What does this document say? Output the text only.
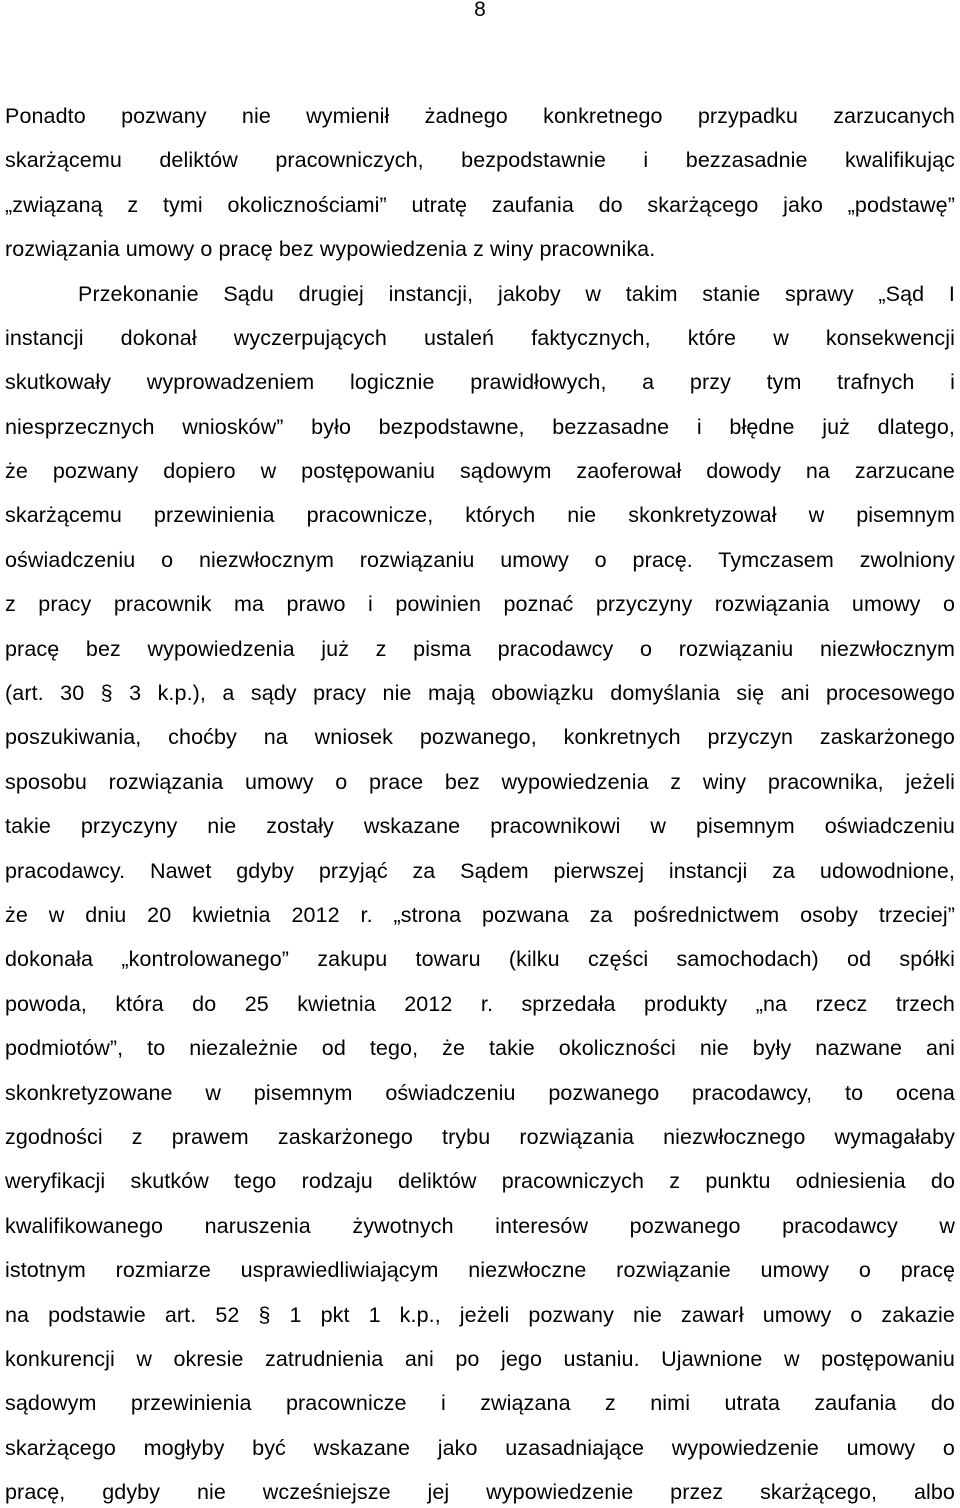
8
Ponadto pozwany nie wymienił żadnego konkretnego przypadku zarzucanych
skarżącemu deliktów pracowniczych, bezpodstawnie i bezzasadnie kwalifikując
„związaną z tymi okolicznościami” utratę zaufania do skarżącego jako „podstawę”
rozwiązania umowy o pracę bez wypowiedzenia z winy pracownika.
Przekonanie Sądu drugiej instancji, jakoby w takim stanie sprawy „Sąd I
instancji dokonał wyczerpujących ustaleń faktycznych, które w konsekwencji
skutkowały wyprowadzeniem logicznie prawidłowych, a przy tym trafnych i
niesprzecznych wniosków” było bezpodstawne, bezzasadne i błędne już dlatego,
że pozwany dopiero w postępowaniu sądowym zaoferował dowody na zarzucane
skarżącemu przewinienia pracownicze, których nie skonkretyzował w pisemnym
oświadczeniu o niezwłocznym rozwiązaniu umowy o pracę. Tymczasem zwolniony
z pracy pracownik ma prawo i powinien poznać przyczyny rozwiązania umowy o
pracę bez wypowiedzenia już z pisma pracodawcy o rozwiązaniu niezwłocznym
(art. 30 § 3 k.p.), a sądy pracy nie mają obowiązku domyślania się ani procesowego
poszukiwania, choćby na wniosek pozwanego, konkretnych przyczyn zaskarżonego
sposobu rozwiązania umowy o prace bez wypowiedzenia z winy pracownika, jeżeli
takie przyczyny nie zostały wskazane pracownikowi w pisemnym oświadczeniu
pracodawcy. Nawet gdyby przyjąć za Sądem pierwszej instancji za udowodnione,
że w dniu 20 kwietnia 2012 r. „strona pozwana za pośrednictwem osoby trzeciej”
dokonała „kontrolowanego” zakupu towaru (kilku części samochodach) od spółki
powoda, która do 25 kwietnia 2012 r. sprzedała produkty „na rzecz trzech
podmiotów”, to niezależnie od tego, że takie okoliczności nie były nazwane ani
skonkretyzowane w pisemnym oświadczeniu pozwanego pracodawcy, to ocena
zgodności z prawem zaskarżonego trybu rozwiązania niezwłocznego wymagałaby
weryfikacji skutków tego rodzaju deliktów pracowniczych z punktu odniesienia do
kwalifikowanego naruszenia żywotnych interesów pozwanego pracodawcy w
istotnym rozmiarze usprawiedliwiającym niezwłoczne rozwiązanie umowy o pracę
na podstawie art. 52 § 1 pkt 1 k.p., jeżeli pozwany nie zawarł umowy o zakazie
konkurencji w okresie zatrudnienia ani po jego ustaniu. Ujawnione w postępowaniu
sądowym przewinienia pracownicze i związana z nimi utrata zaufania do
skarżącego mogłyby być wskazane jako uzasadniające wypowiedzenie umowy o
pracę, gdyby nie wcześniejsze jej wypowiedzenie przez skarżącego, albo
